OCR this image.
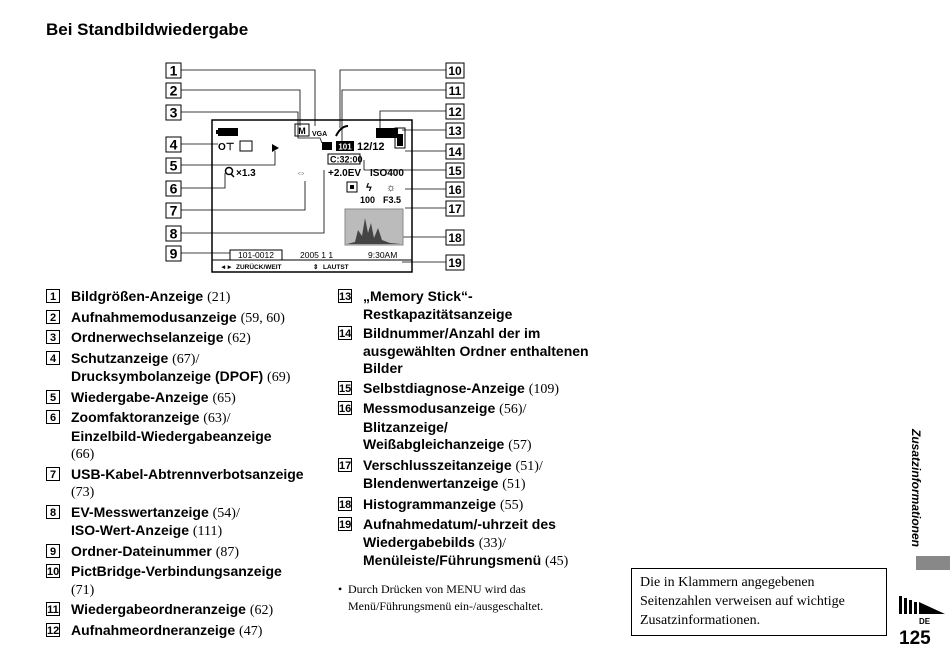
Bei Standbildwiedergabe
1
2
3
4
5
6
7
8
9
10
11
12
13
14
15
16
17
18
19
M VGA
101 12/12
C:32:00
O⊤
×1.3	⇔ +2.0EV ISO400
ϟ ☼
100 F3.5
101-0012	2005 1 1	9:30AM
◄► ZURÜCK/WEIT	⇕ LAUTST
1 Bildgrößen-Anzeige (21)
2 Aufnahmemodusanzeige (59, 60)
3 Ordnerwechselanzeige (62)
4 Schutzanzeige (67)/
Drucksymbolanzeige (DPOF) (69)
5 Wiedergabe-Anzeige (65)
6 Zoomfaktoranzeige (63)/
Einzelbild-Wiedergabeanzeige
(66)
7 USB-Kabel-Abtrennverbotsanzeige (73)
8 EV-Messwertanzeige (54)/
ISO-Wert-Anzeige (111)
9 Ordner-Dateinummer (87)
10 PictBridge-Verbindungsanzeige
(71)
11 Wiedergabeordneranzeige (62)
12 Aufnahmeordneranzeige (47)
13 „Memory Stick“-Restkapazitätsanzeige
14 Bildnummer/Anzahl der im ausgewählten Ordner enthaltenen Bilder
15 Selbstdiagnose-Anzeige (109)
16 Messmodusanzeige (56)/
Blitzanzeige/
Weißabgleichanzeige (57)
17 Verschlusszeitanzeige (51)/
Blendenwertanzeige (51)
18 Histogrammanzeige (55)
19 Aufnahmedatum/-uhrzeit des Wiedergabebilds (33)/
Menüleiste/Führungsmenü (45)
• Durch Drücken von MENU wird das Menü/Führungsmenü ein-/ausgeschaltet.
Die in Klammern angegebenen Seitenzahlen verweisen auf wichtige Zusatzinformationen.
Zusatzinformationen
DE
125
